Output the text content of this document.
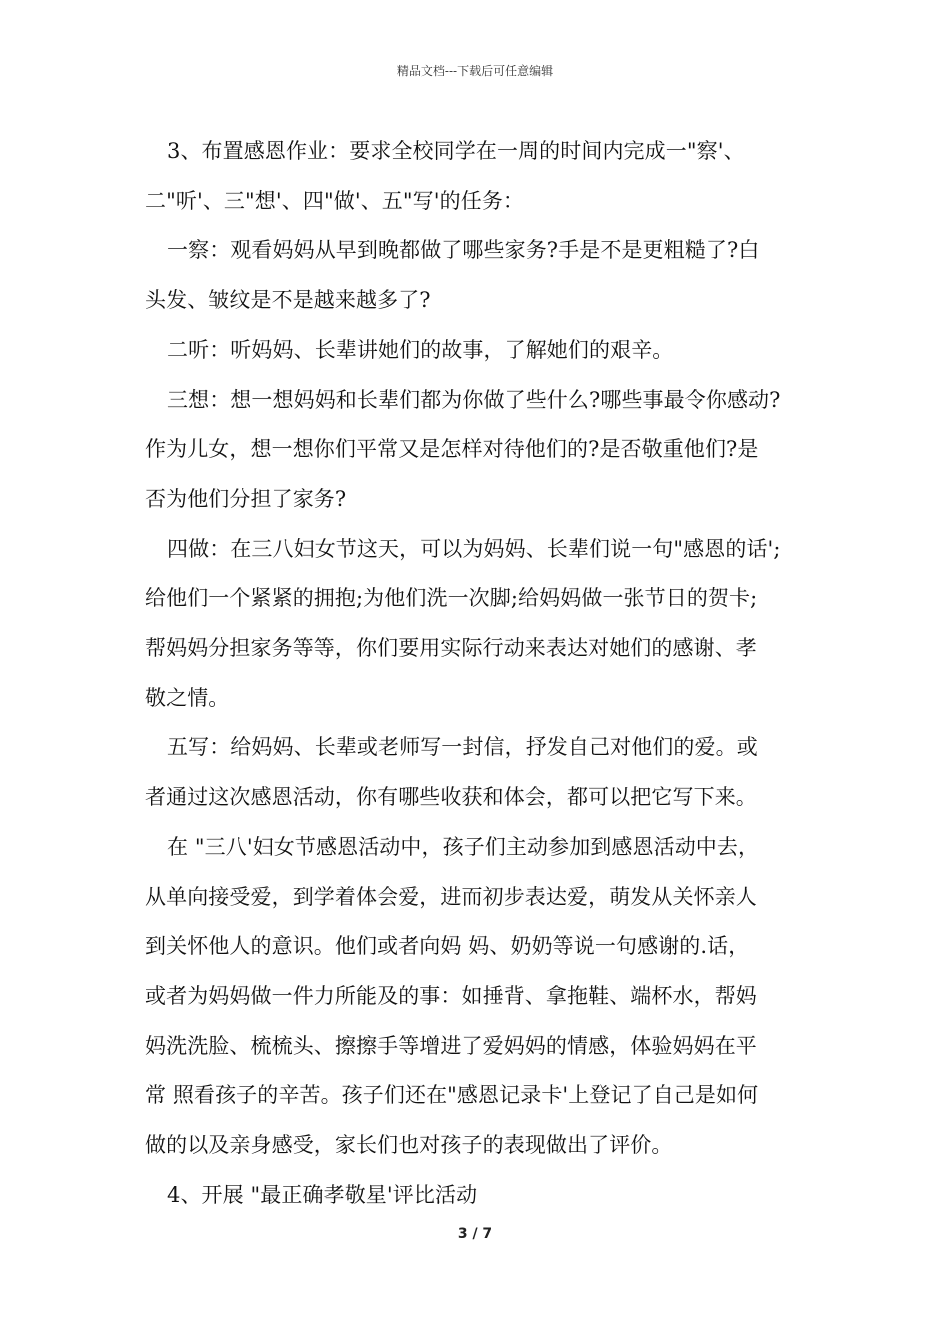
精品文档---下载后可任意编辑

3、布置感恩作业：要求全校同学在一周的时间内完成一"察'、

二"听'、三"想'、四"做'、五"写'的任务：

一察：观看妈妈从早到晚都做了哪些家务?手是不是更粗糙了?白

头发、皱纹是不是越来越多了?

二听：听妈妈、长辈讲她们的故事，了解她们的艰辛。

三想：想一想妈妈和长辈们都为你做了些什么?哪些事最令你感动?

作为儿女，想一想你们平常又是怎样对待他们的?是否敬重他们?是

否为他们分担了家务?

四做：在三八妇女节这天，可以为妈妈、长辈们说一句"感恩的话';

给他们一个紧紧的拥抱;为他们洗一次脚;给妈妈做一张节日的贺卡;

帮妈妈分担家务等等，你们要用实际行动来表达对她们的感谢、孝

敬之情。

五写：给妈妈、长辈或老师写一封信，抒发自己对他们的爱。或

者通过这次感恩活动，你有哪些收获和体会，都可以把它写下来。

在 "三八'妇女节感恩活动中，孩子们主动参加到感恩活动中去，

从单向接受爱，到学着体会爱，进而初步表达爱，萌发从关怀亲人

到关怀他人的意识。他们或者向妈 妈、奶奶等说一句感谢的.话，

或者为妈妈做一件力所能及的事：如捶背、拿拖鞋、端杯水，帮妈

妈洗洗脸、梳梳头、擦擦手等增进了爱妈妈的情感，体验妈妈在平

常 照看孩子的辛苦。孩子们还在"感恩记录卡'上登记了自己是如何

做的以及亲身感受，家长们也对孩子的表现做出了评价。

4、开展 "最正确孝敬星'评比活动

3 / 7
